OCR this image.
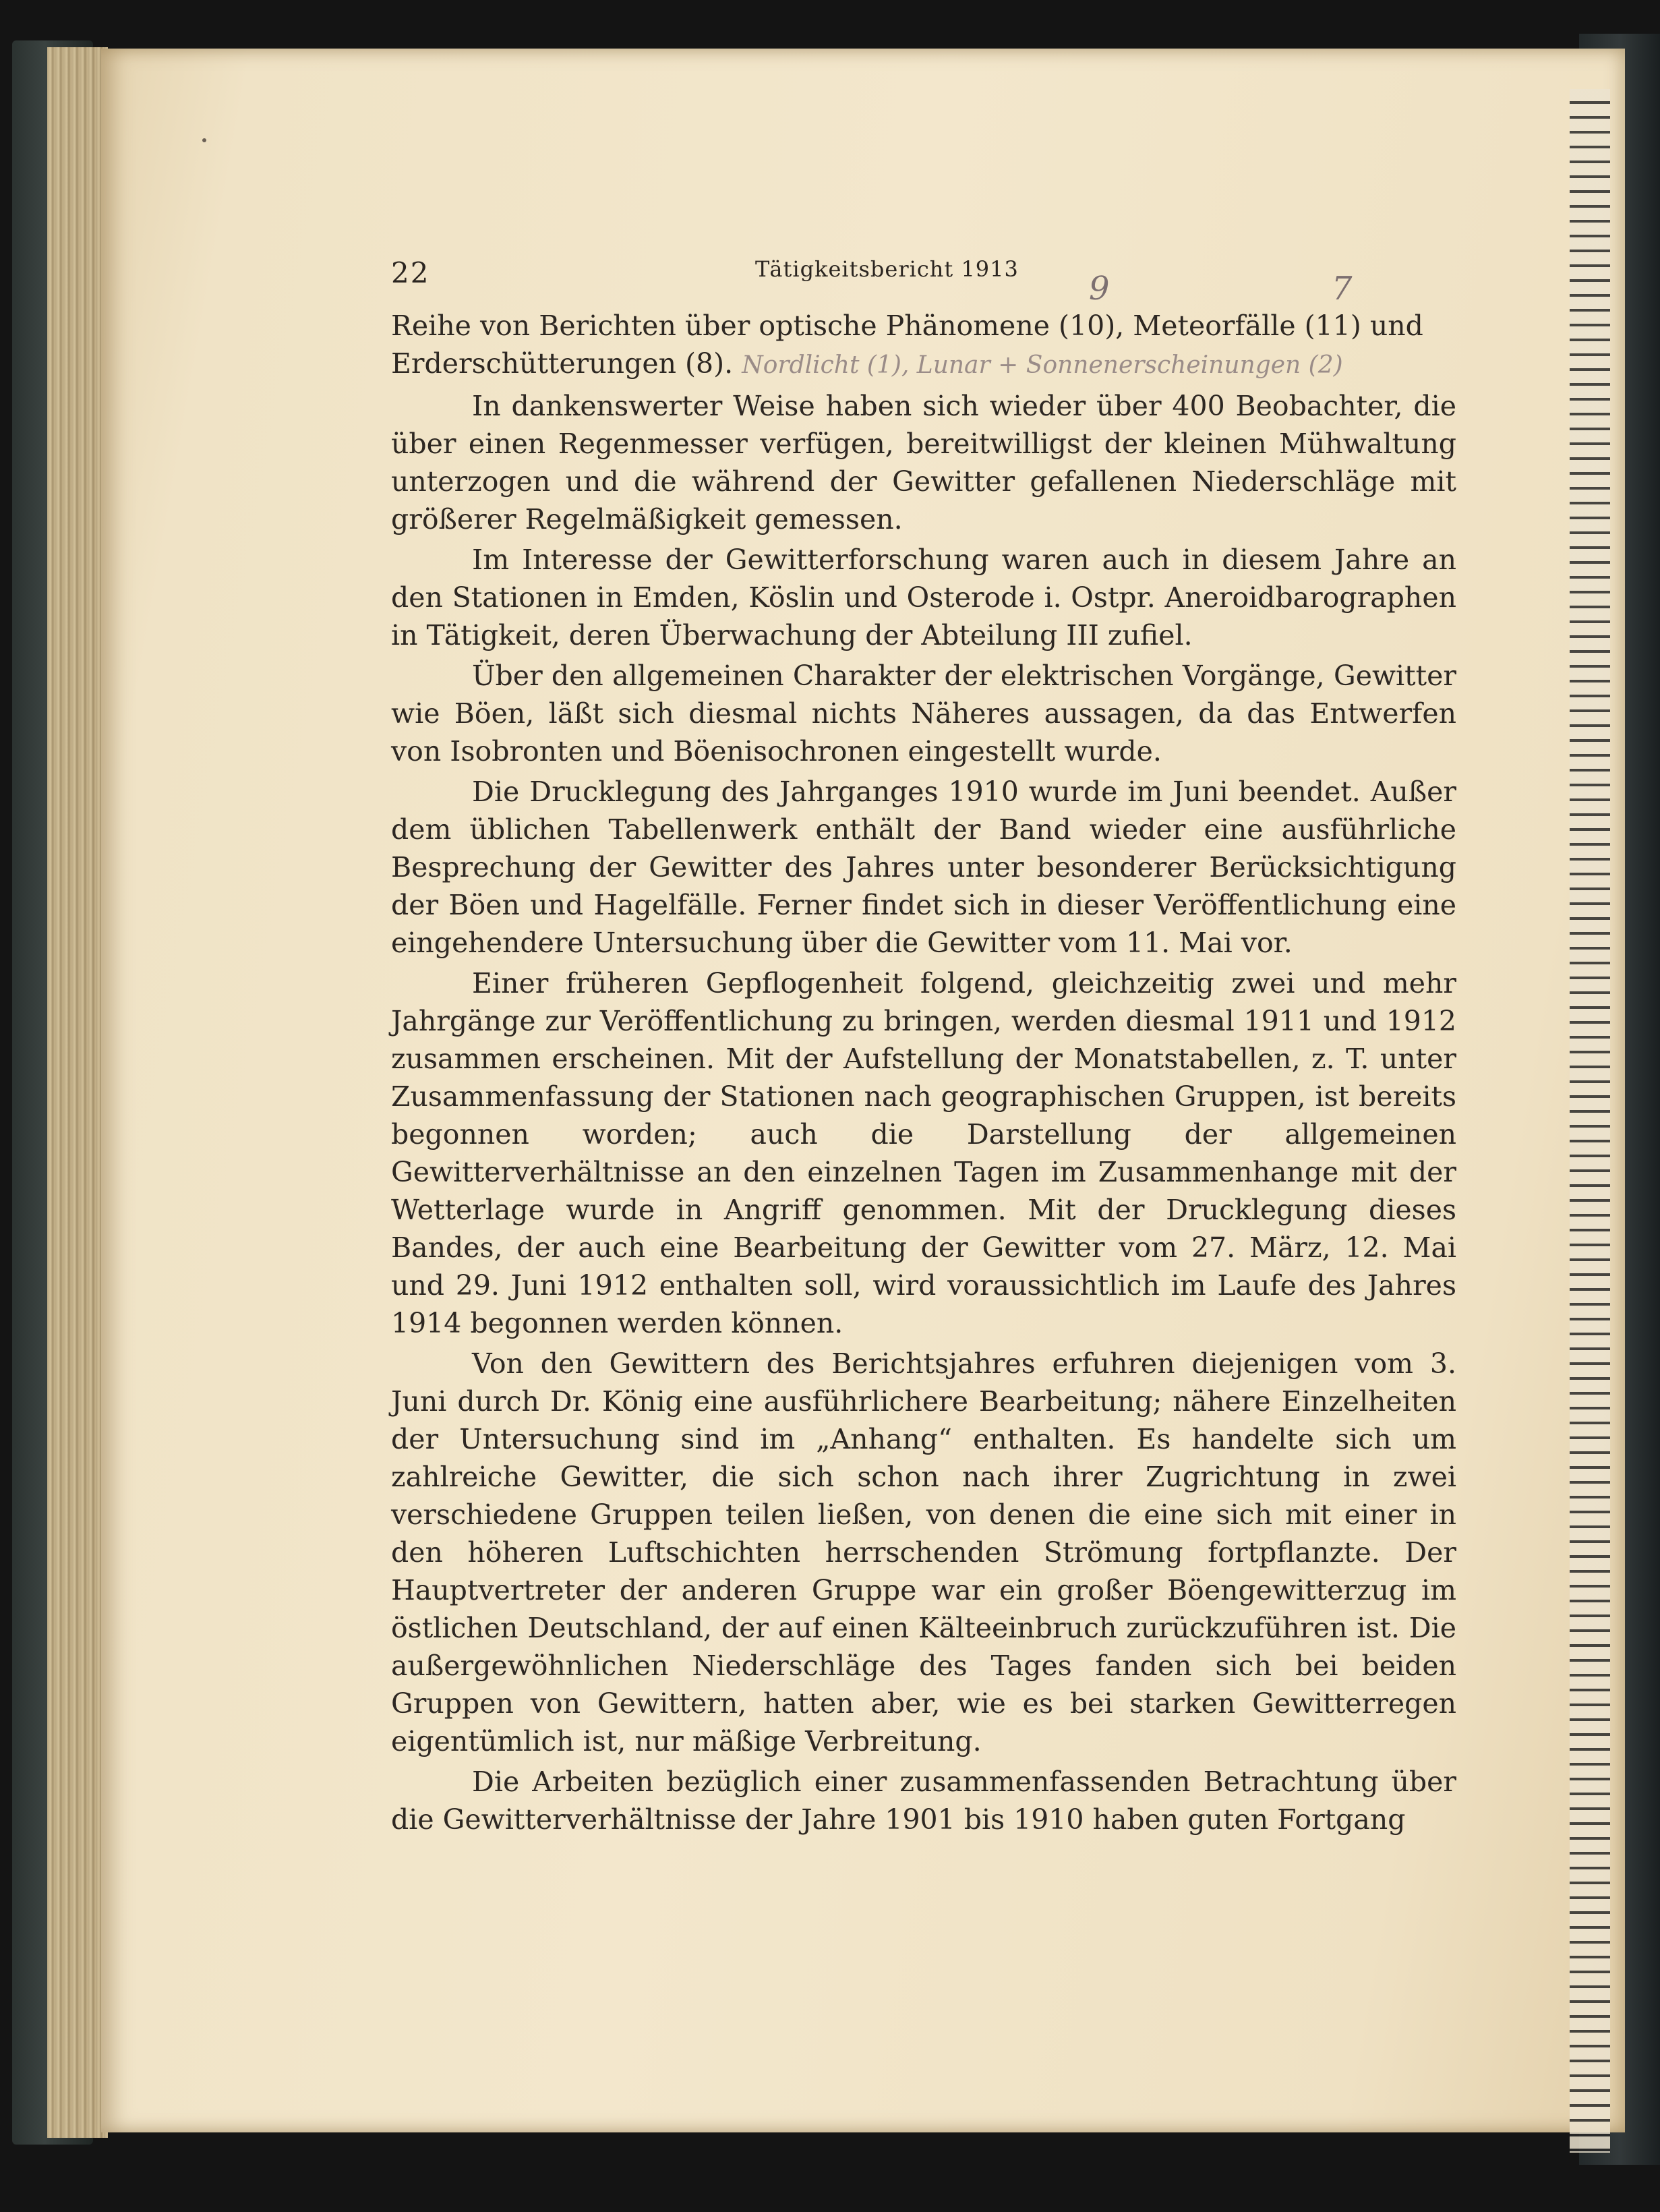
22	Tätigkeitsbericht 1913
9	7

Reihe von Berichten über optische Phänomene (10), Meteorfälle (11) und
Erderschütterungen (8). Nordlicht (1), Lunar + Sonnenerscheinungen (2)

In dankenswerter Weise haben sich wieder über 400 Beobachter, die über einen Regenmesser verfügen, bereitwilligst der kleinen Mühwaltung unterzogen und die während der Gewitter gefallenen Niederschläge mit größerer Regelmäßigkeit gemessen.

Im Interesse der Gewitterforschung waren auch in diesem Jahre an den Stationen in Emden, Köslin und Osterode i. Ostpr. Aneroidbarographen in Tätigkeit, deren Überwachung der Abteilung III zufiel.

Über den allgemeinen Charakter der elektrischen Vorgänge, Gewitter wie Böen, läßt sich diesmal nichts Näheres aussagen, da das Entwerfen von Isobronten und Böenisochronen eingestellt wurde.

Die Drucklegung des Jahrganges 1910 wurde im Juni beendet. Außer dem üblichen Tabellenwerk enthält der Band wieder eine ausführliche Besprechung der Gewitter des Jahres unter besonderer Berücksichtigung der Böen und Hagelfälle. Ferner findet sich in dieser Veröffentlichung eine eingehendere Untersuchung über die Gewitter vom 11. Mai vor.

Einer früheren Gepflogenheit folgend, gleichzeitig zwei und mehr Jahrgänge zur Veröffentlichung zu bringen, werden diesmal 1911 und 1912 zusammen erscheinen. Mit der Aufstellung der Monatstabellen, z. T. unter Zusammenfassung der Stationen nach geographischen Gruppen, ist bereits begonnen worden; auch die Darstellung der allgemeinen Gewitterverhältnisse an den einzelnen Tagen im Zusammenhange mit der Wetterlage wurde in Angriff genommen. Mit der Drucklegung dieses Bandes, der auch eine Bearbeitung der Gewitter vom 27. März, 12. Mai und 29. Juni 1912 enthalten soll, wird voraussichtlich im Laufe des Jahres 1914 begonnen werden können.

Von den Gewittern des Berichtsjahres erfuhren diejenigen vom 3. Juni durch Dr. König eine ausführlichere Bearbeitung; nähere Einzelheiten der Untersuchung sind im „Anhang“ enthalten. Es handelte sich um zahlreiche Gewitter, die sich schon nach ihrer Zugrichtung in zwei verschiedene Gruppen teilen ließen, von denen die eine sich mit einer in den höheren Luftschichten herrschenden Strömung fortpflanzte. Der Hauptvertreter der anderen Gruppe war ein großer Böengewitterzug im östlichen Deutschland, der auf einen Kälteeinbruch zurückzuführen ist. Die außergewöhnlichen Niederschläge des Tages fanden sich bei beiden Gruppen von Gewittern, hatten aber, wie es bei starken Gewitterregen eigentümlich ist, nur mäßige Verbreitung.

Die Arbeiten bezüglich einer zusammenfassenden Betrachtung über die Gewitterverhältnisse der Jahre 1901 bis 1910 haben guten Fortgang
